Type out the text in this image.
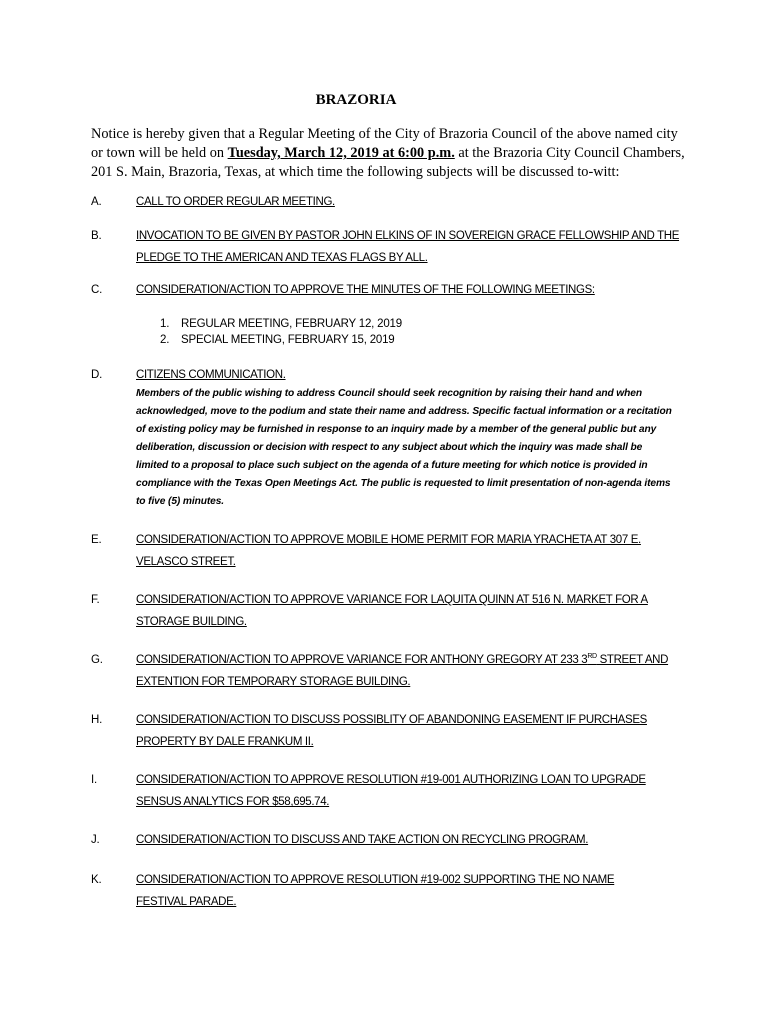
BRAZORIA
Notice is hereby given that a Regular Meeting of the City of Brazoria Council of the above named city or town will be held on Tuesday, March 12, 2019 at 6:00 p.m. at the Brazoria City Council Chambers, 201 S. Main, Brazoria, Texas, at which time the following subjects will be discussed to-witt:
A.	CALL TO ORDER REGULAR MEETING.
B.	INVOCATION TO BE GIVEN BY PASTOR JOHN ELKINS OF IN SOVEREIGN GRACE FELLOWSHIP AND THE PLEDGE TO THE AMERICAN AND TEXAS FLAGS BY ALL.
C.	CONSIDERATION/ACTION TO APPROVE THE MINUTES OF THE FOLLOWING MEETINGS:
1. REGULAR MEETING, FEBRUARY 12, 2019
2. SPECIAL MEETING, FEBRUARY 15, 2019
D.	CITIZENS COMMUNICATION.
Members of the public wishing to address Council should seek recognition by raising their hand and when acknowledged, move to the podium and state their name and address. Specific factual information or a recitation of existing policy may be furnished in response to an inquiry made by a member of the general public but any deliberation, discussion or decision with respect to any subject about which the inquiry was made shall be limited to a proposal to place such subject on the agenda of a future meeting for which notice is provided in compliance with the Texas Open Meetings Act. The public is requested to limit presentation of non-agenda items to five (5) minutes.
E.	CONSIDERATION/ACTION TO APPROVE MOBILE HOME PERMIT FOR MARIA YRACHETA AT 307 E. VELASCO STREET.
F.	CONSIDERATION/ACTION TO APPROVE VARIANCE FOR LAQUITA QUINN AT 516 N. MARKET FOR A STORAGE BUILDING.
G.	CONSIDERATION/ACTION TO APPROVE VARIANCE FOR ANTHONY GREGORY AT 233 3RD STREET AND EXTENTION FOR TEMPORARY STORAGE BUILDING.
H.	CONSIDERATION/ACTION TO DISCUSS POSSIBLITY OF ABANDONING EASEMENT IF PURCHASES PROPERTY BY DALE FRANKUM II.
I.	CONSIDERATION/ACTION TO APPROVE RESOLUTION #19-001 AUTHORIZING LOAN TO UPGRADE SENSUS ANALYTICS FOR $58,695.74.
J.	CONSIDERATION/ACTION TO DISCUSS AND TAKE ACTION ON RECYCLING PROGRAM.
K.	CONSIDERATION/ACTION TO APPROVE RESOLUTION #19-002 SUPPORTING THE NO NAME FESTIVAL PARADE.
